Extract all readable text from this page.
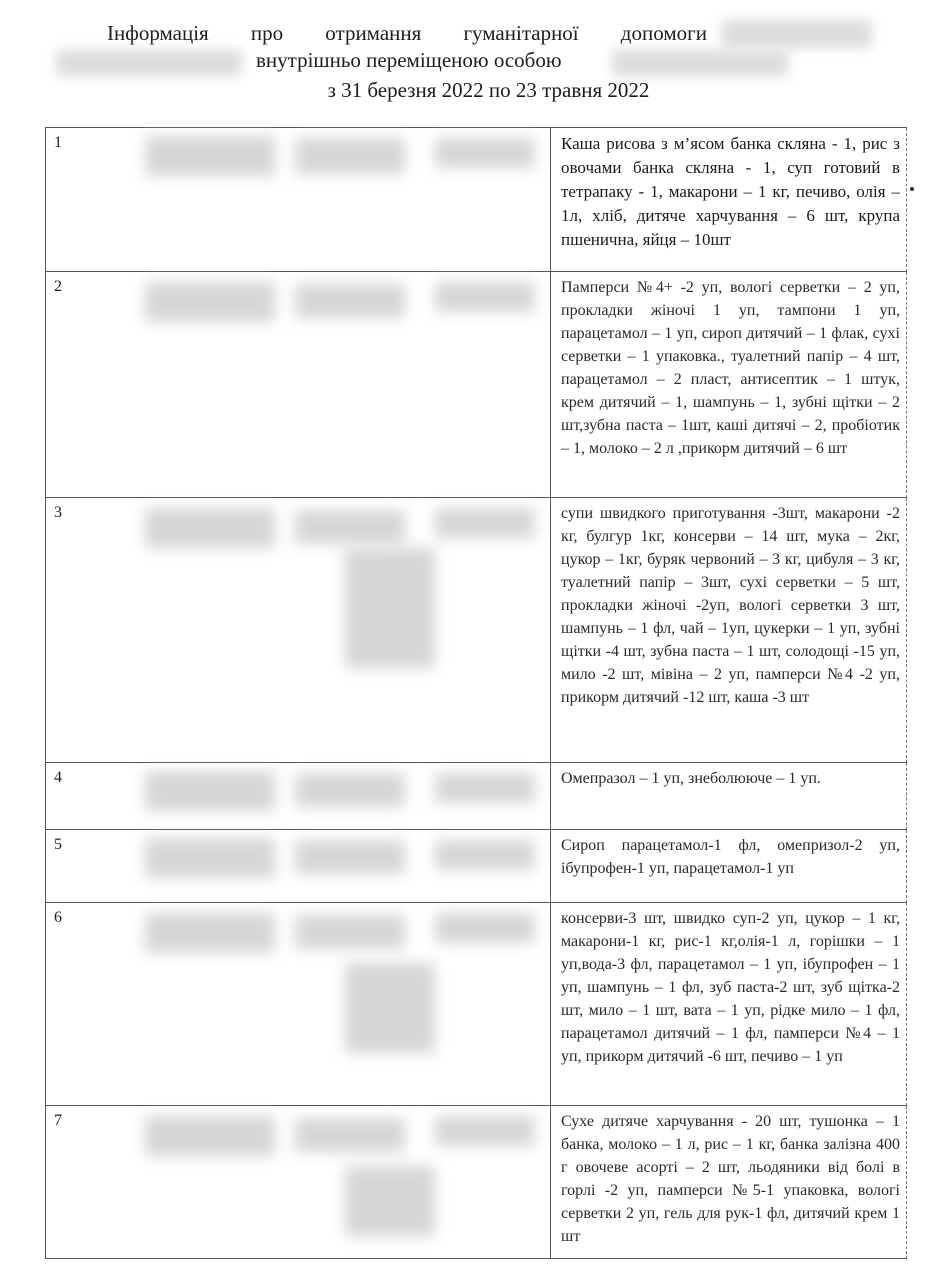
Інформація про отримання гуманітарної допомоги
внутрішньо переміщеною особою
з 31 березня 2022 по 23 травня 2022
1	Каша рисова з м’ясом банка скляна - 1, рис з овочами банка скляна - 1, суп готовий в тетрапаку - 1, макарони – 1 кг, печиво, олія – 1л, хліб, дитяче харчування – 6 шт, крупа пшенична, яйця – 10шт
2	Памперси №4+ -2 уп, вологі серветки – 2 уп, прокладки жіночі 1 уп, тампони 1 уп, парацетамол – 1 уп, сироп дитячий – 1 флак, сухі серветки – 1 упаковка., туалетний папір – 4 шт, парацетамол – 2 пласт, антисептик – 1 штук, крем дитячий – 1, шампунь – 1, зубні щітки – 2 шт,зубна паста – 1шт, каші дитячі – 2, пробіотик – 1, молоко – 2 л ,прикорм дитячий – 6 шт
3	супи швидкого приготування -3шт, макарони -2 кг, булгур 1кг, консерви – 14 шт, мука – 2кг, цукор – 1кг, буряк червоний – 3 кг, цибуля – 3 кг, туалетний папір – 3шт, сухі серветки – 5 шт, прокладки жіночі -2уп, вологі серветки 3 шт, шампунь – 1 фл, чай – 1уп, цукерки – 1 уп, зубні щітки -4 шт, зубна паста – 1 шт, солодощі -15 уп, мило -2 шт, мівіна – 2 уп, памперси №4 -2 уп, прикорм дитячий -12 шт, каша -3 шт
4	Омепразол – 1 уп, знеболююче – 1 уп.
5	Сироп парацетамол-1 фл, омепризол-2 уп, ібупрофен-1 уп, парацетамол-1 уп
6	консерви-3 шт, швидко суп-2 уп, цукор – 1 кг, макарони-1 кг, рис-1 кг,олія-1 л, горішки – 1 уп,вода-3 фл, парацетамол – 1 уп, ібупрофен – 1 уп, шампунь – 1 фл, зуб паста-2 шт, зуб щітка-2 шт, мило – 1 шт, вата – 1 уп, рідке мило – 1 фл, парацетамол дитячий – 1 фл, памперси №4 – 1 уп, прикорм дитячий -6 шт, печиво – 1 уп
7	Сухе дитяче харчування - 20 шт, тушонка – 1 банка, молоко – 1 л, рис – 1 кг, банка залізна 400 г овочеве асорті – 2 шт, льодяники від болі в горлі -2 уп, памперси №5-1 упаковка, вологі серветки 2 уп, гель для рук-1 фл, дитячий крем 1 шт
